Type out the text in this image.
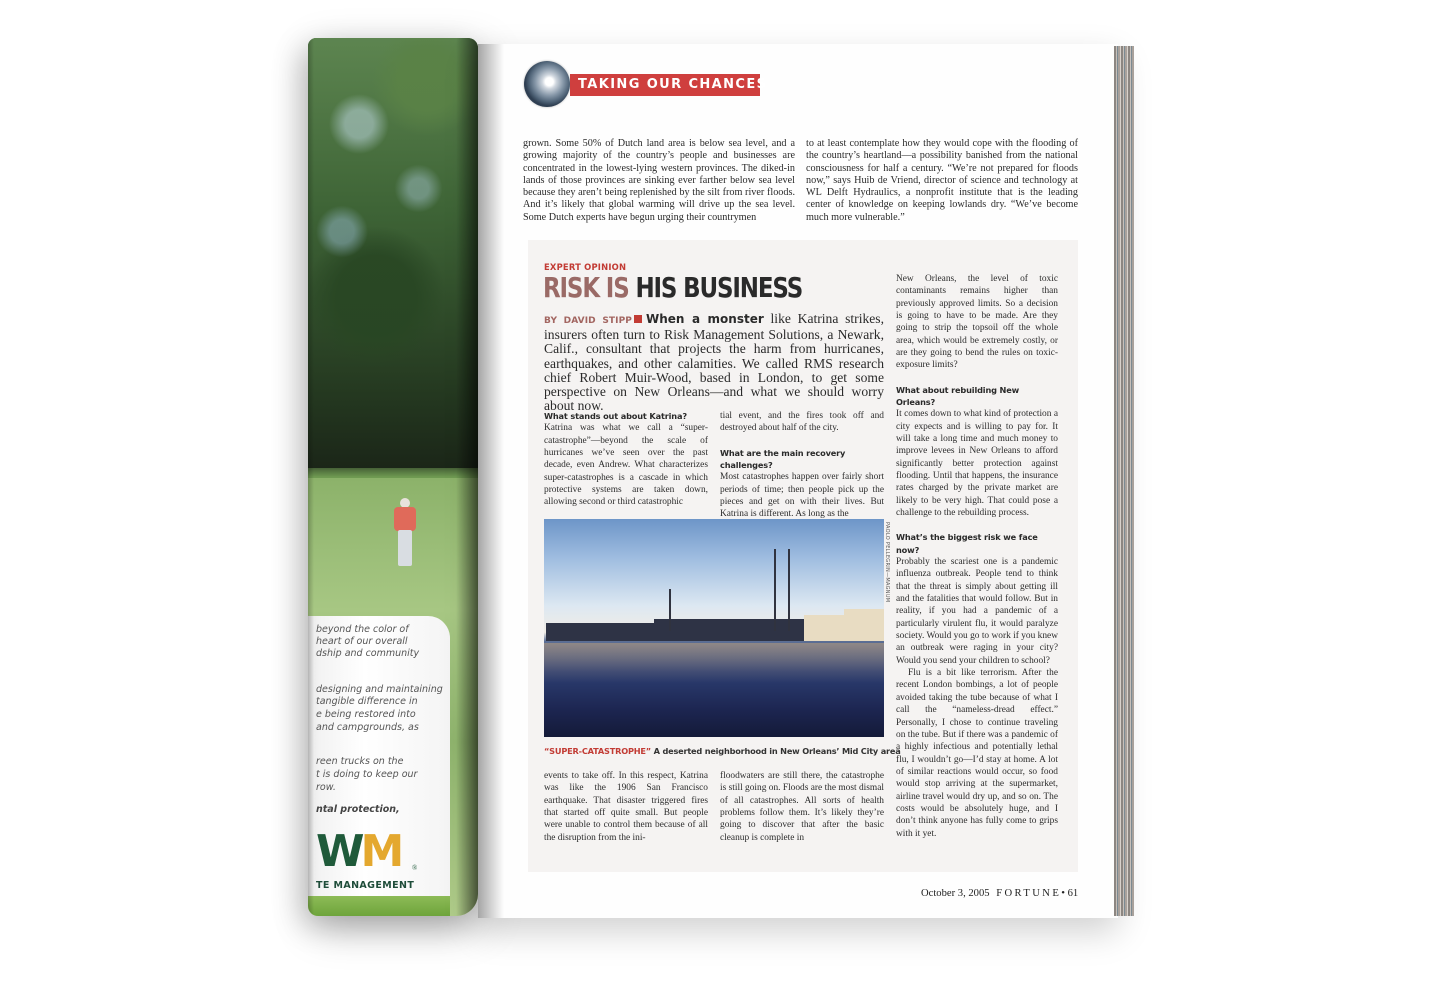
beyond the color of
heart of our overall
dship and community
designing and maintaining
tangible difference in
e being restored into
and campgrounds, as
reen trucks on the
t is doing to keep our
row.
ntal protection,
WM ®
TE MANAGEMENT
TAKING OUR CHANCES
grown. Some 50% of Dutch land area is below sea level, and a growing majority of the country’s people and businesses are concentrated in the lowest-lying western provinces. The diked-in lands of those provinces are sinking ever farther below sea level because they aren’t being replenished by the silt from river floods. And it’s likely that global warming will drive up the sea level. Some Dutch experts have begun urging their countrymen
to at least contemplate how they would cope with the flooding of the country’s heartland—a possibility banished from the national consciousness for half a century. “We’re not prepared for floods now,” says Huib de Vriend, director of science and technology at WL Delft Hydraulics, a nonprofit institute that is the leading center of knowledge on keeping lowlands dry. “We’ve become much more vulnerable.”
EXPERT OPINION
RISK IS HIS BUSINESS
BY DAVID STIPP When a monster like Katrina strikes, insurers often turn to Risk Management Solutions, a Newark, Calif., consultant that projects the harm from hurricanes, earthquakes, and other calamities. We called RMS research chief Robert Muir-Wood, based in London, to get some perspective on New Orleans—and what we should worry about now.
What stands out about Katrina?
Katrina was what we call a “super-catastrophe”—beyond the scale of hurricanes we’ve seen over the past decade, even Andrew. What characterizes super-catastrophes is a cascade in which protective systems are taken down, allowing second or third catastrophic
tial event, and the fires took off and destroyed about half of the city.
What are the main recovery challenges?
Most catastrophes happen over fairly short periods of time; then people pick up the pieces and get on with their lives. But Katrina is different. As long as the
PAOLO PELLEGRIN—MAGNUM
“SUPER-CATASTROPHE” A deserted neighborhood in New Orleans’ Mid City area
events to take off. In this respect, Katrina was like the 1906 San Francisco earthquake. That disaster triggered fires that started off quite small. But people were unable to control them because of all the disruption from the ini-
floodwaters are still there, the catastrophe is still going on. Floods are the most dismal of all catastrophes. All sorts of health problems follow them. It’s likely they’re going to discover that after the basic cleanup is complete in
New Orleans, the level of toxic contaminants remains higher than previously approved limits. So a decision is going to have to be made. Are they going to strip the topsoil off the whole area, which would be extremely costly, or are they going to bend the rules on toxic-exposure limits?
What about rebuilding New Orleans?
It comes down to what kind of protection a city expects and is willing to pay for. It will take a long time and much money to improve levees in New Orleans to afford significantly better protection against flooding. Until that happens, the insurance rates charged by the private market are likely to be very high. That could pose a challenge to the rebuilding process.
What’s the biggest risk we face now?
Probably the scariest one is a pandemic influenza outbreak. People tend to think that the threat is simply about getting ill and the fatalities that would follow. But in reality, if you had a pandemic of a particularly virulent flu, it would paralyze society. Would you go to work if you knew an outbreak were raging in your city? Would you send your children to school?
Flu is a bit like terrorism. After the recent London bombings, a lot of people avoided taking the tube because of what I call the “nameless-dread effect.” Personally, I chose to continue traveling on the tube. But if there was a pandemic of a highly infectious and potentially lethal flu, I wouldn’t go—I’d stay at home. A lot of similar reactions would occur, so food would stop arriving at the supermarket, airline travel would dry up, and so on. The costs would be absolutely huge, and I don’t think anyone has fully come to grips with it yet.
October 3, 2005 FORTUNE• 61
